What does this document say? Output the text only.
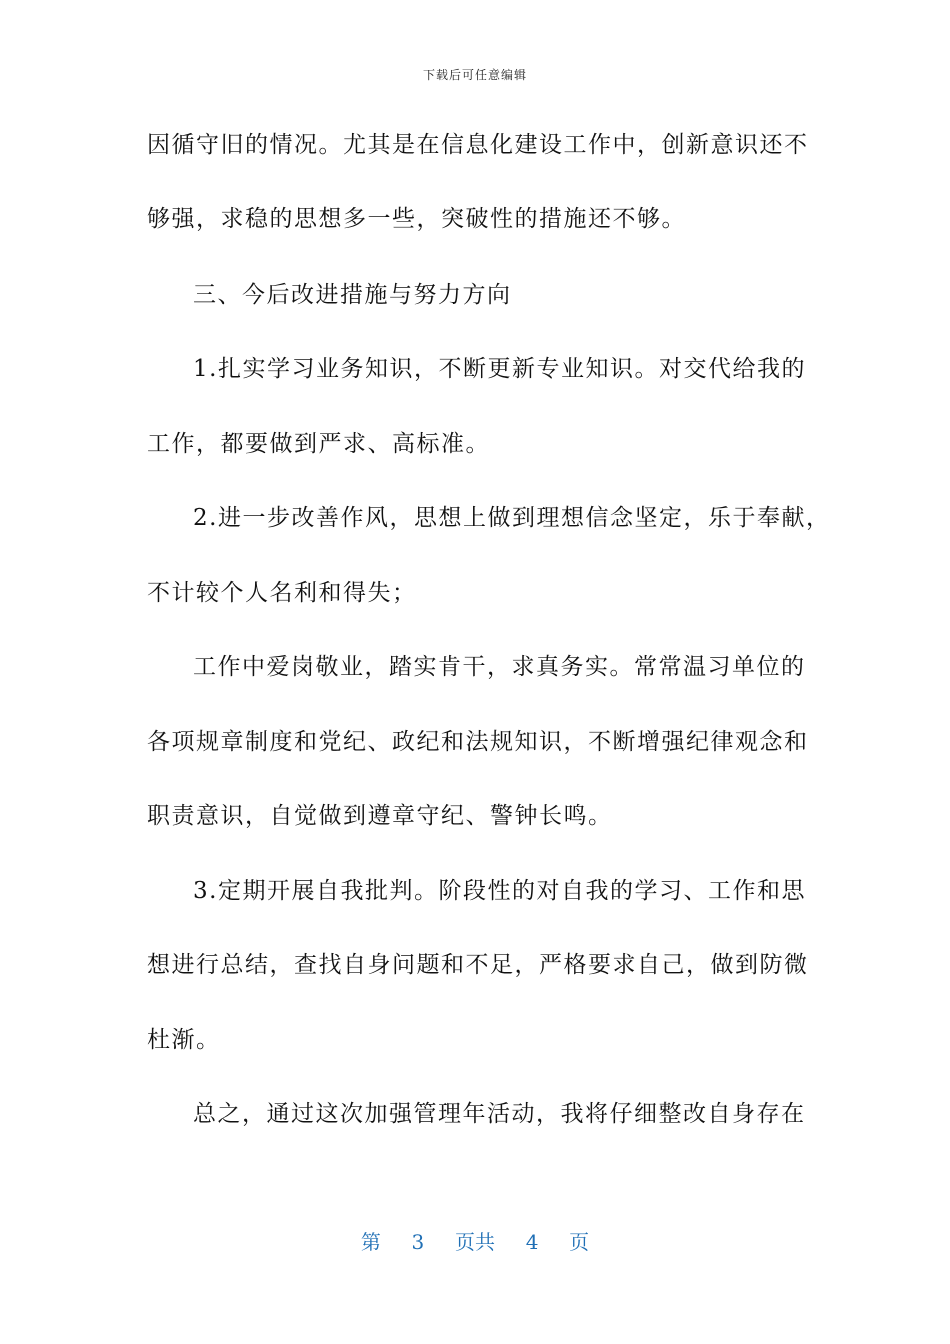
下载后可任意编辑
因循守旧的情况。尤其是在信息化建设工作中，创新意识还不
够强，求稳的思想多一些，突破性的措施还不够。
三、今后改进措施与努力方向
1.扎实学习业务知识，不断更新专业知识。对交代给我的
工作，都要做到严求、高标准。
2.进一步改善作风，思想上做到理想信念坚定，乐于奉献，
不计较个人名利和得失；
工作中爱岗敬业，踏实肯干，求真务实。常常温习单位的
各项规章制度和党纪、政纪和法规知识，不断增强纪律观念和
职责意识，自觉做到遵章守纪、警钟长鸣。
3.定期开展自我批判。阶段性的对自我的学习、工作和思
想进行总结，查找自身问题和不足，严格要求自己，做到防微
杜渐。
总之，通过这次加强管理年活动，我将仔细整改自身存在
第 3 页共 4 页
